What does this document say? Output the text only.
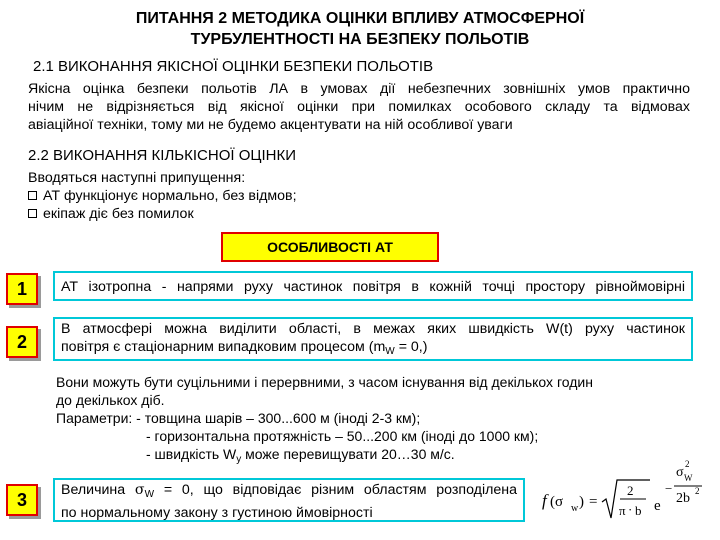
ПИТАННЯ 2 МЕТОДИКА ОЦІНКИ ВПЛИВУ АТМОСФЕРНОЇ
ТУРБУЛЕНТНОСТІ НА БЕЗПЕКУ ПОЛЬОТІВ
2.1 ВИКОНАННЯ ЯКІСНОЇ ОЦІНКИ БЕЗПЕКИ ПОЛЬОТІВ
Якісна оцінка безпеки польотів ЛА в умовах дії небезпечних зовнішніх умов практично
нічим не відрізняється від якісної оцінки при помилках особового складу та відмовах
авіаційної техніки, тому ми не будемо акцентувати на ній особливої уваги
2.2 ВИКОНАННЯ КІЛЬКІСНОЇ ОЦІНКИ
Вводяться наступні припущення:
АТ функціонує нормально, без відмов;
екіпаж діє без помилок
ОСОБЛИВОСТІ АТ
1	АТ ізотропна - напрями руху частинок повітря в кожній точці простору рівноймовірні
2
В атмосфері можна виділити області, в межах яких швидкість W(t) руху частинок
повітря є стаціонарним випадковим процесом $(m_W = 0,)$
Вони можуть бути суцільними і перервними, з часом існування від декількох годин
до декількох діб.
Параметри: - товщина шарів – 300...600 м (іноді 2-3 км);
- горизонтальна протяжність – 50...200 км (іноді до 1000 км);
- швидкість $W_y$ може перевищувати 20…30 м/с.
3	Величина $\sigma_W = 0$, що відповідає різним областям розподілена
по нормальному закону з густиною ймовірності
f (σ w ) =
2
π · b e
−
σ W
2
2b 2
